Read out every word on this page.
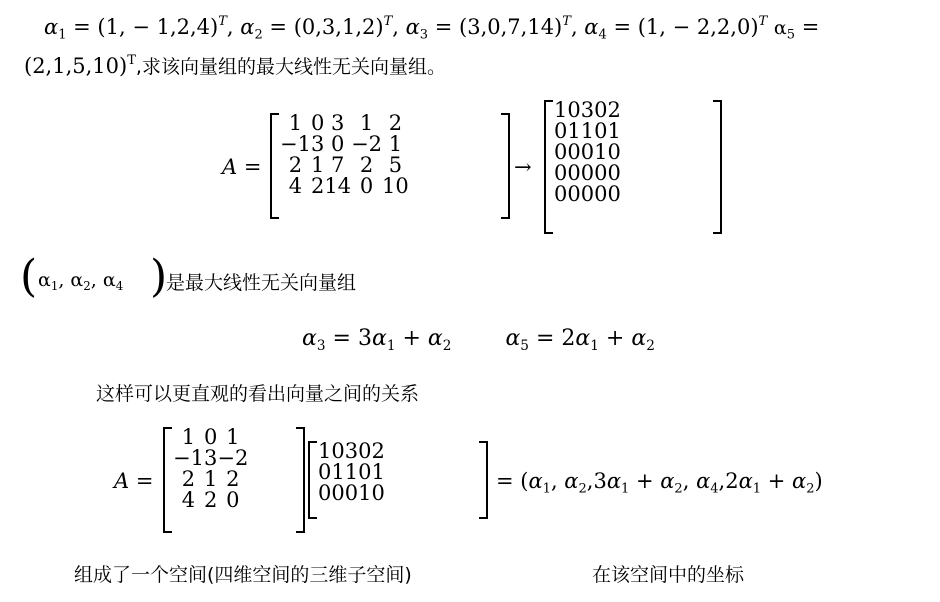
$\alpha_1 = (1$, − 1,2,4)$^T$, $\alpha_2 = (0,3,1,2)^T$, $\alpha_3 = (3,0,7,14)^T$, $\alpha_4 = (1$, − 2,2,0)$^T$ $\alpha_5$ =
$(2,1,5,10)^T$,求该向量组的最大线性无关向量组。
A =
1	0	3	1	2
−1	3	0	−2	1
2	1	7	2	5
4	2	14	0	10
→
1	0	3	0	2
0	1	1	0	1
0	0	0	1	0
0	0	0	0	0
0	0	0	0	0
( $\alpha_1$, $\alpha_2$, $\alpha_4$ )
是最大线性无关向量组
$\alpha_3 = 3\alpha_1 + \alpha_2$ $\alpha_5 = 2\alpha_1 + \alpha_2$
这样可以更直观的看出向量之间的关系
A =
1	0	1
−1	3	−2
2	1	2
4	2	0
1	0	3	0	2
0	1	1	0	1
0	0	0	1	0	= ($\alpha_1$, $\alpha_2,3\alpha_1 + \alpha_2$, $\alpha_4,2\alpha_1 + \alpha_2$)
组成了一个空间(四维空间的三维子空间)	在该空间中的坐标
